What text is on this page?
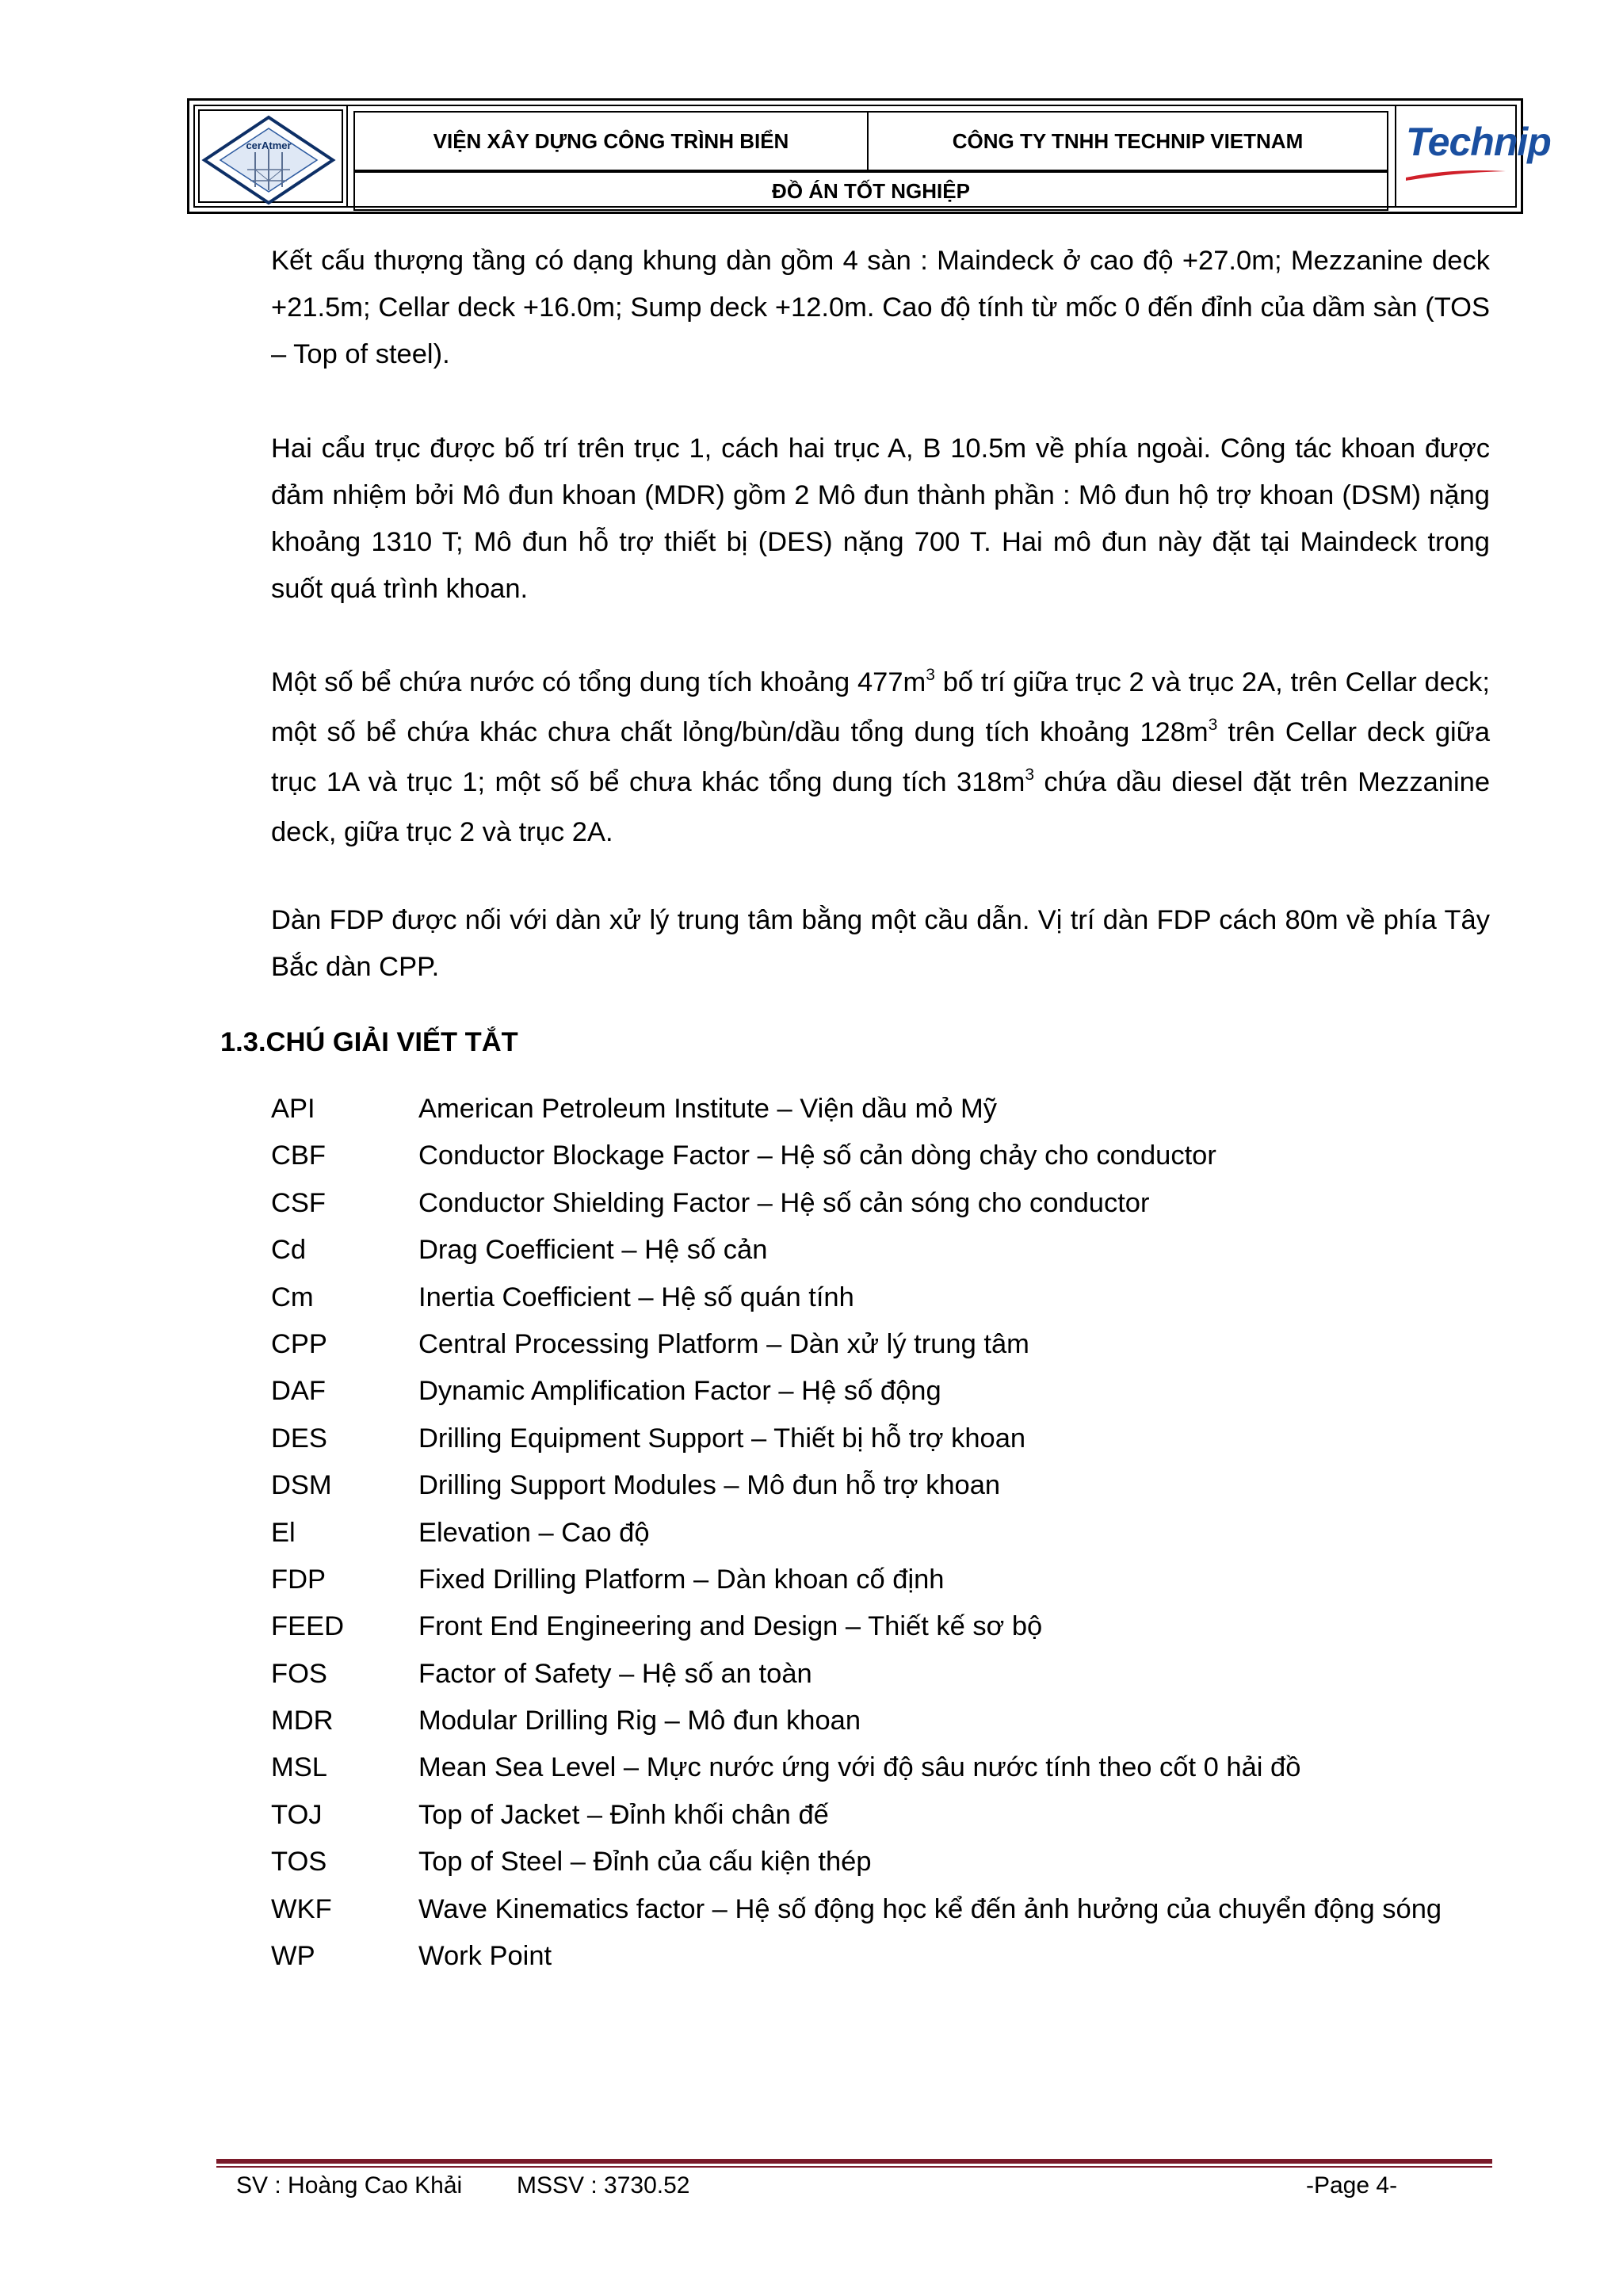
cerAtmer	VIỆN XÂY DỰNG CÔNG TRÌNH BIỂN	CÔNG TY TNHH TECHNIP VIETNAM
ĐỒ ÁN TỐT NGHIỆP
Technip
Kết cấu thượng tầng có dạng khung dàn gồm 4 sàn : Maindeck ở cao độ +27.0m; Mezzanine deck +21.5m; Cellar deck +16.0m; Sump deck +12.0m. Cao độ tính từ mốc 0 đến đỉnh của dầm sàn (TOS – Top of steel).
Hai cẩu trục được bố trí trên trục 1, cách hai trục A, B 10.5m về phía ngoài. Công tác khoan được đảm nhiệm bởi Mô đun khoan (MDR) gồm 2 Mô đun thành phần : Mô đun hộ trợ khoan (DSM) nặng khoảng 1310 T; Mô đun hỗ trợ thiết bị (DES) nặng 700 T. Hai mô đun này đặt tại Maindeck trong suốt quá trình khoan.
Một số bể chứa nước có tổng dung tích khoảng $477m^3$ bố trí giữa trục 2 và trục 2A, trên Cellar deck; một số bể chứa khác chưa chất lỏng/bùn/dầu tổng dung tích khoảng $128m^3$ trên Cellar deck giữa trục 1A và trục 1; một số bể chưa khác tổng dung tích $318m^3$ chứa dầu diesel đặt trên Mezzanine deck, giữa trục 2 và trục 2A.
Dàn FDP được nối với dàn xử lý trung tâm bằng một cầu dẫn. Vị trí dàn FDP cách 80m về phía Tây Bắc dàn CPP.
1.3.CHÚ GIẢI VIẾT TẮT
API	American Petroleum Institute – Viện dầu mỏ Mỹ
CBF	Conductor Blockage Factor – Hệ số cản dòng chảy cho conductor
CSF	Conductor Shielding Factor – Hệ số cản sóng cho conductor
Cd	Drag Coefficient – Hệ số cản
Cm	Inertia Coefficient – Hệ số quán tính
CPP	Central Processing Platform – Dàn xử lý trung tâm
DAF	Dynamic Amplification Factor – Hệ số động
DES	Drilling Equipment Support – Thiết bị hỗ trợ khoan
DSM	Drilling Support Modules – Mô đun hỗ trợ khoan
El	Elevation – Cao độ
FDP	Fixed Drilling Platform – Dàn khoan cố định
FEED	Front End Engineering and Design – Thiết kế sơ bộ
FOS	Factor of Safety – Hệ số an toàn
MDR	Modular Drilling Rig – Mô đun khoan
MSL	Mean Sea Level – Mực nước ứng với độ sâu nước tính theo cốt 0 hải đồ
TOJ	Top of Jacket – Đỉnh khối chân đế
TOS	Top of Steel – Đỉnh của cấu kiện thép
WKF	Wave Kinematics factor – Hệ số động học kể đến ảnh hưởng của chuyển động sóng
WP	Work Point
SV : Hoàng Cao Khải MSSV : 3730.52	-Page 4-
